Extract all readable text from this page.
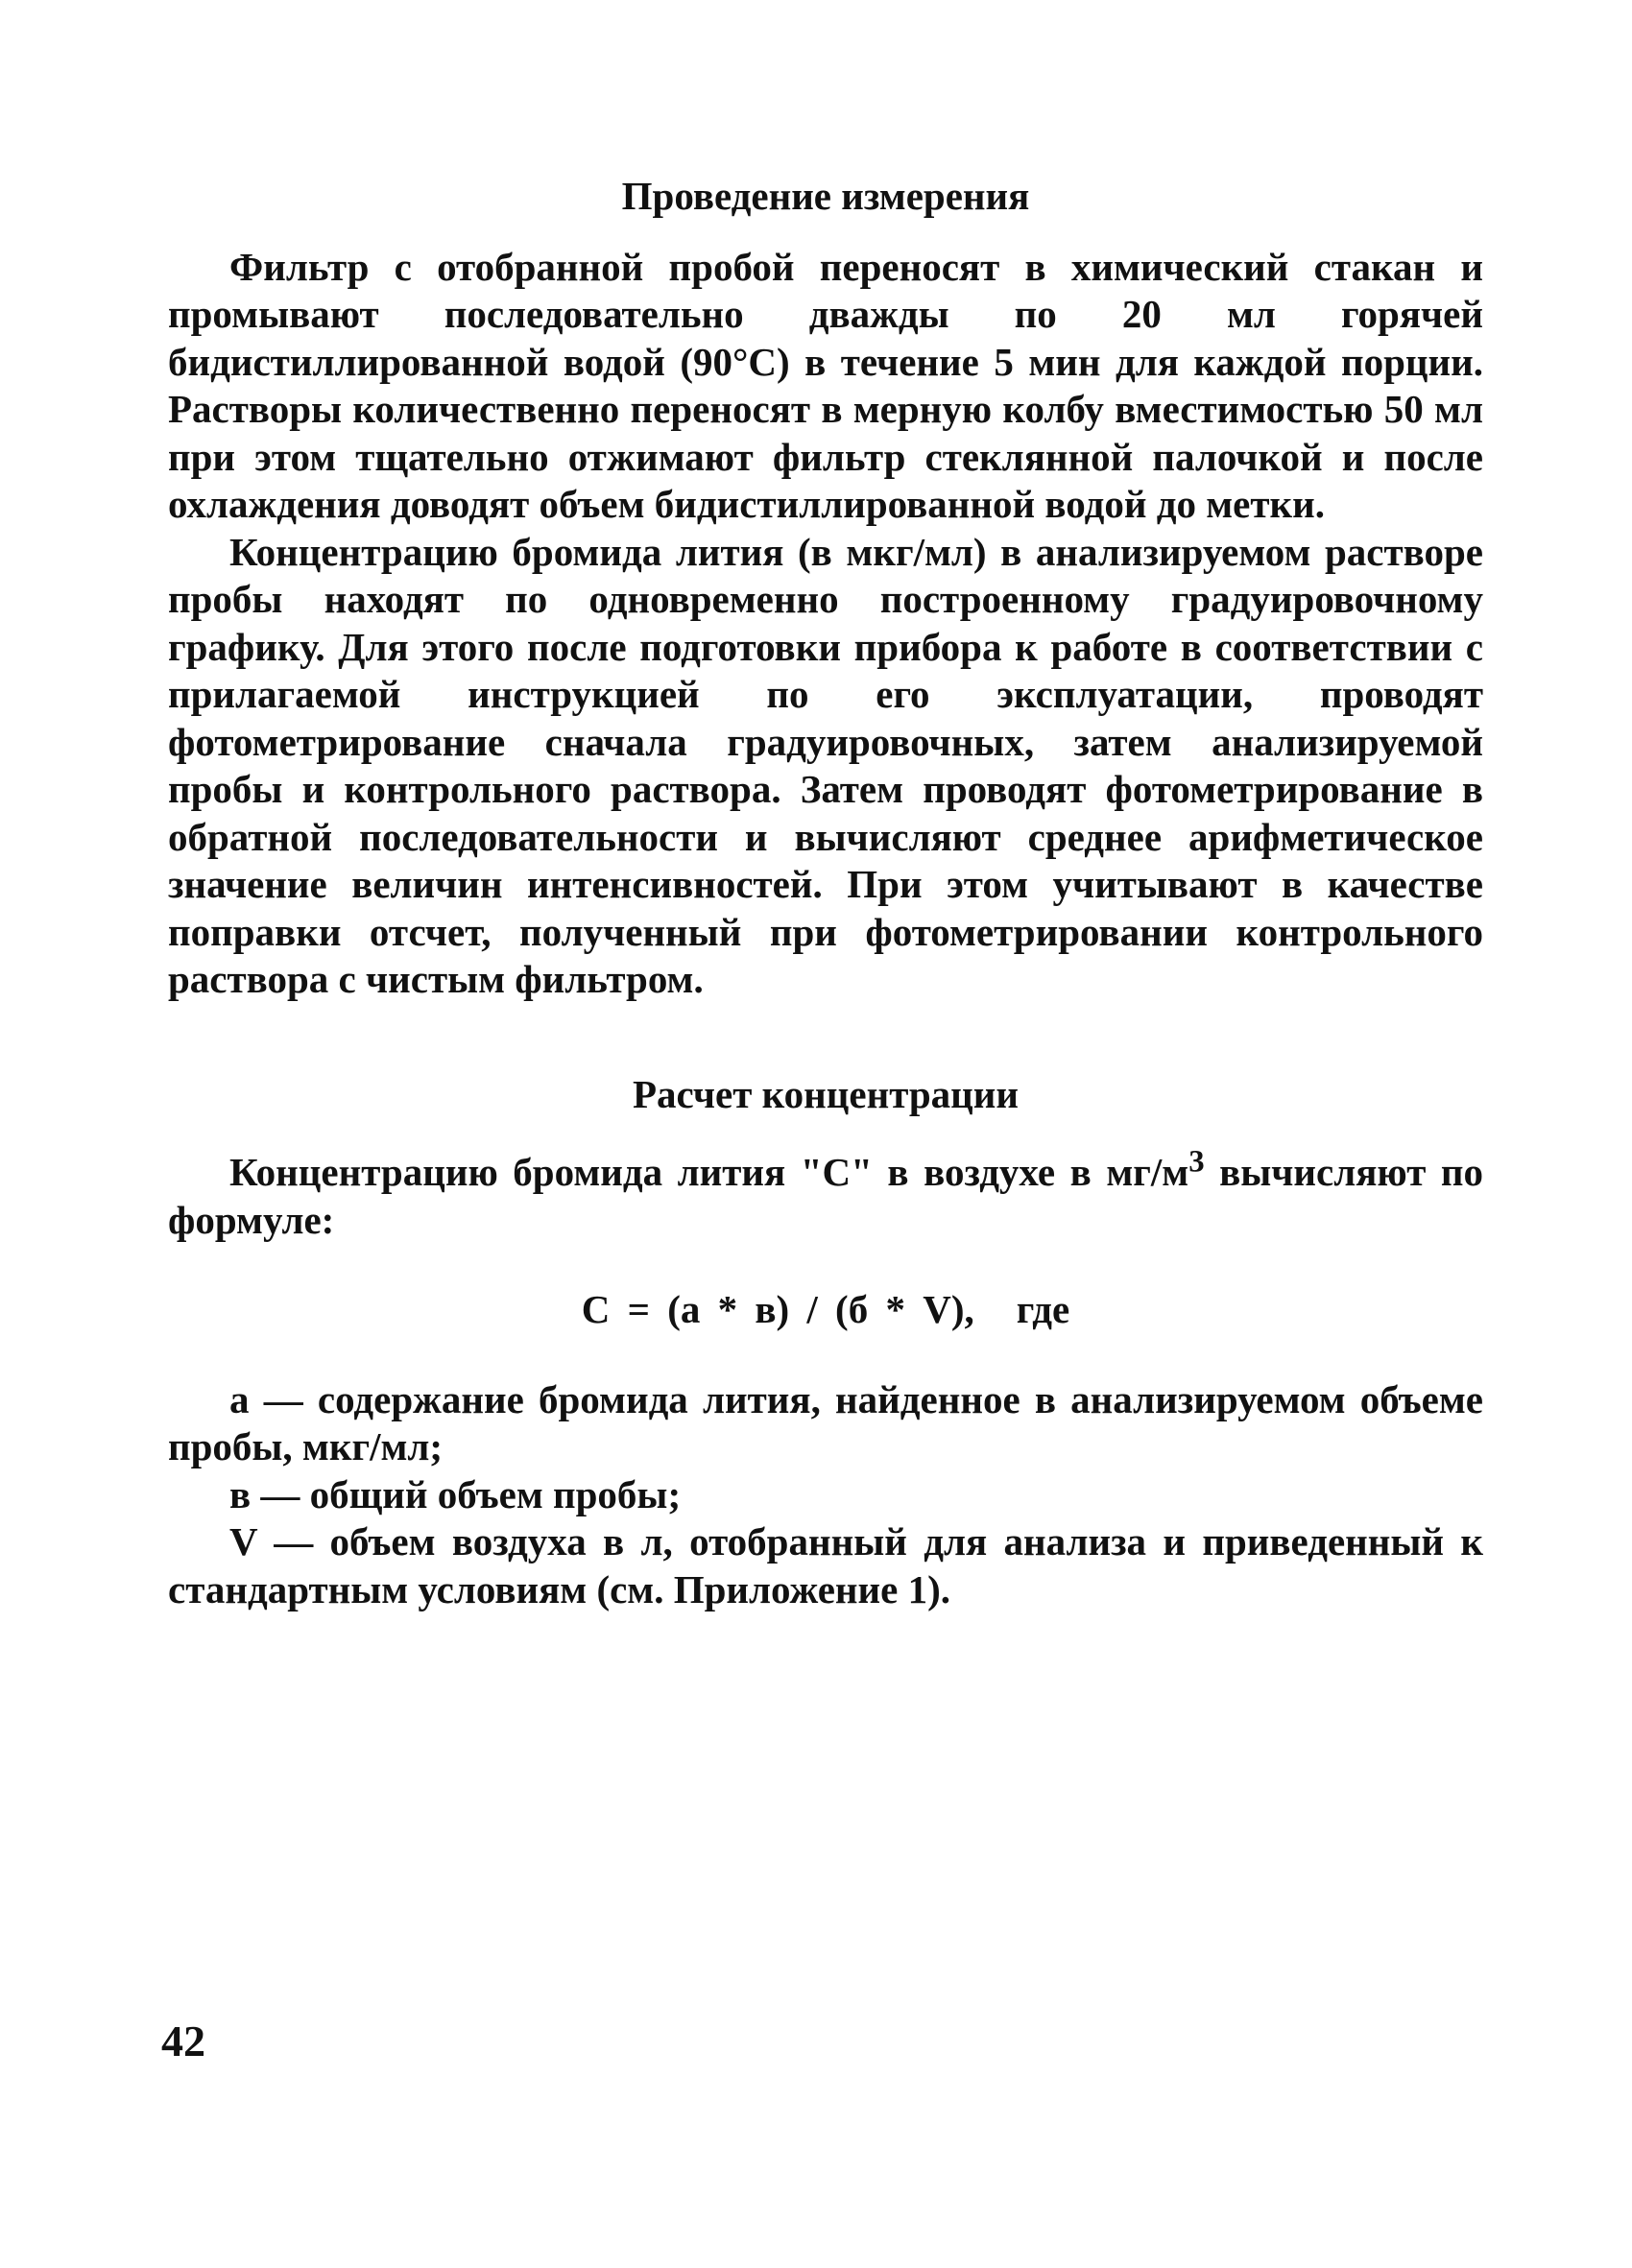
Проведение измерения

Фильтр с отобранной пробой переносят в химический стакан и промывают последовательно дважды по 20 мл горячей бидистиллированной водой (90°С) в течение 5 мин для каждой порции. Растворы количественно переносят в мерную колбу вместимостью 50 мл при этом тщательно отжимают фильтр стеклянной палочкой и после охлаждения доводят объем бидистиллированной водой до метки.

Концентрацию бромида лития (в мкг/мл) в анализируемом растворе пробы находят по одновременно построенному градуировочному графику. Для этого после подготовки прибора к работе в соответствии с прилагаемой инструкцией по его эксплуатации, проводят фотометрирование сначала градуировочных, затем анализируемой пробы и контрольного раствора. Затем проводят фотометрирование в обратной последовательности и вычисляют среднее арифметическое значение величин интенсивностей. При этом учитывают в качестве поправки отсчет, полученный при фотометрировании контрольного раствора с чистым фильтром.

Расчет концентрации

Концентрацию бромида лития "С" в воздухе в $мг/м^3$ вычисляют по формуле:

С = (а * в) / (б * V), где

а — содержание бромида лития, найденное в анализируемом объеме пробы, мкг/мл;

в — общий объем пробы;

V — объем воздуха в л, отобранный для анализа и приведенный к стандартным условиям (см. Приложение 1).

42
